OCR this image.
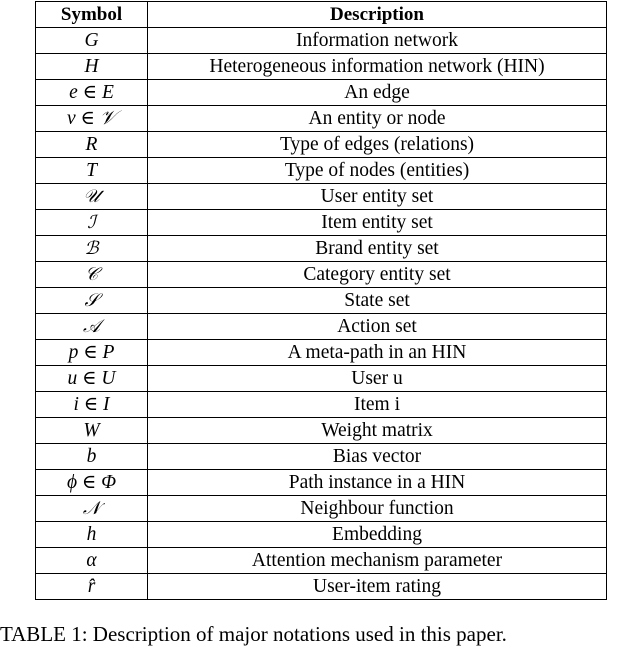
Symbol	Description
G	Information network
H	Heterogeneous information network (HIN)
e ∈ E	An edge
v ∈ 𝒱	An entity or node
R	Type of edges (relations)
T	Type of nodes (entities)
𝒰	User entity set
ℐ	Item entity set
ℬ	Brand entity set
𝒞	Category entity set
𝒮	State set
𝒜	Action set
p ∈ P	A meta-path in an HIN
u ∈ U	User u
i ∈ I	Item i
W	Weight matrix
b	Bias vector
ϕ ∈ Φ	Path instance in a HIN
𝒩	Neighbour function
h	Embedding
α	Attention mechanism parameter
r̂	User-item rating
TABLE 1: Description of major notations used in this paper.
